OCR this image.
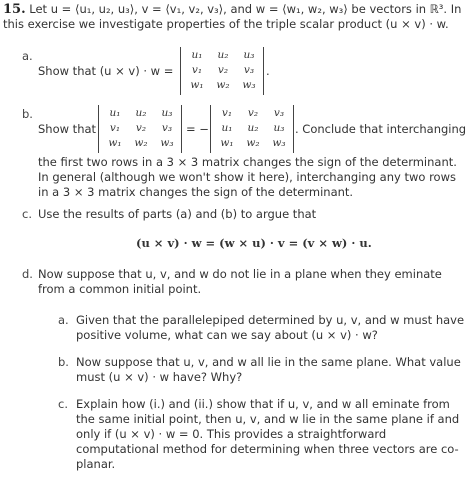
15. Let u = ⟨u₁, u₂, u₃⟩, v = ⟨v₁, v₂, v₃⟩, and w = ⟨w₁, w₂, w₃⟩ be vectors in ℝ³. In
this exercise we investigate properties of the triple scalar product (u × v) · w.
a.
Show that (u × v) · w =
u₁	u₂	u₃
v₁	v₂	v₃
w₁	w₂	w₃
.
b.
Show that
u₁	u₂	u₃
v₁	v₂	v₃
w₁	w₂	w₃
= −
v₁	v₂	v₃
u₁	u₂	u₃
w₁	w₂	w₃
. Conclude that interchanging
the first two rows in a 3 × 3 matrix changes the sign of the determinant.
In general (although we won't show it here), interchanging any two rows
in a 3 × 3 matrix changes the sign of the determinant.
c. Use the results of parts (a) and (b) to argue that
(u × v) · w = (w × u) · v = (v × w) · u.
d. Now suppose that u, v, and w do not lie in a plane when they eminate
from a common initial point.
a. Given that the parallelepiped determined by u, v, and w must have
positive volume, what can we say about (u × v) · w?
b. Now suppose that u, v, and w all lie in the same plane. What value
must (u × v) · w have? Why?
c. Explain how (i.) and (ii.) show that if u, v, and w all eminate from
the same initial point, then u, v, and w lie in the same plane if and
only if (u × v) · w = 0. This provides a straightforward
computational method for determining when three vectors are co-
planar.
